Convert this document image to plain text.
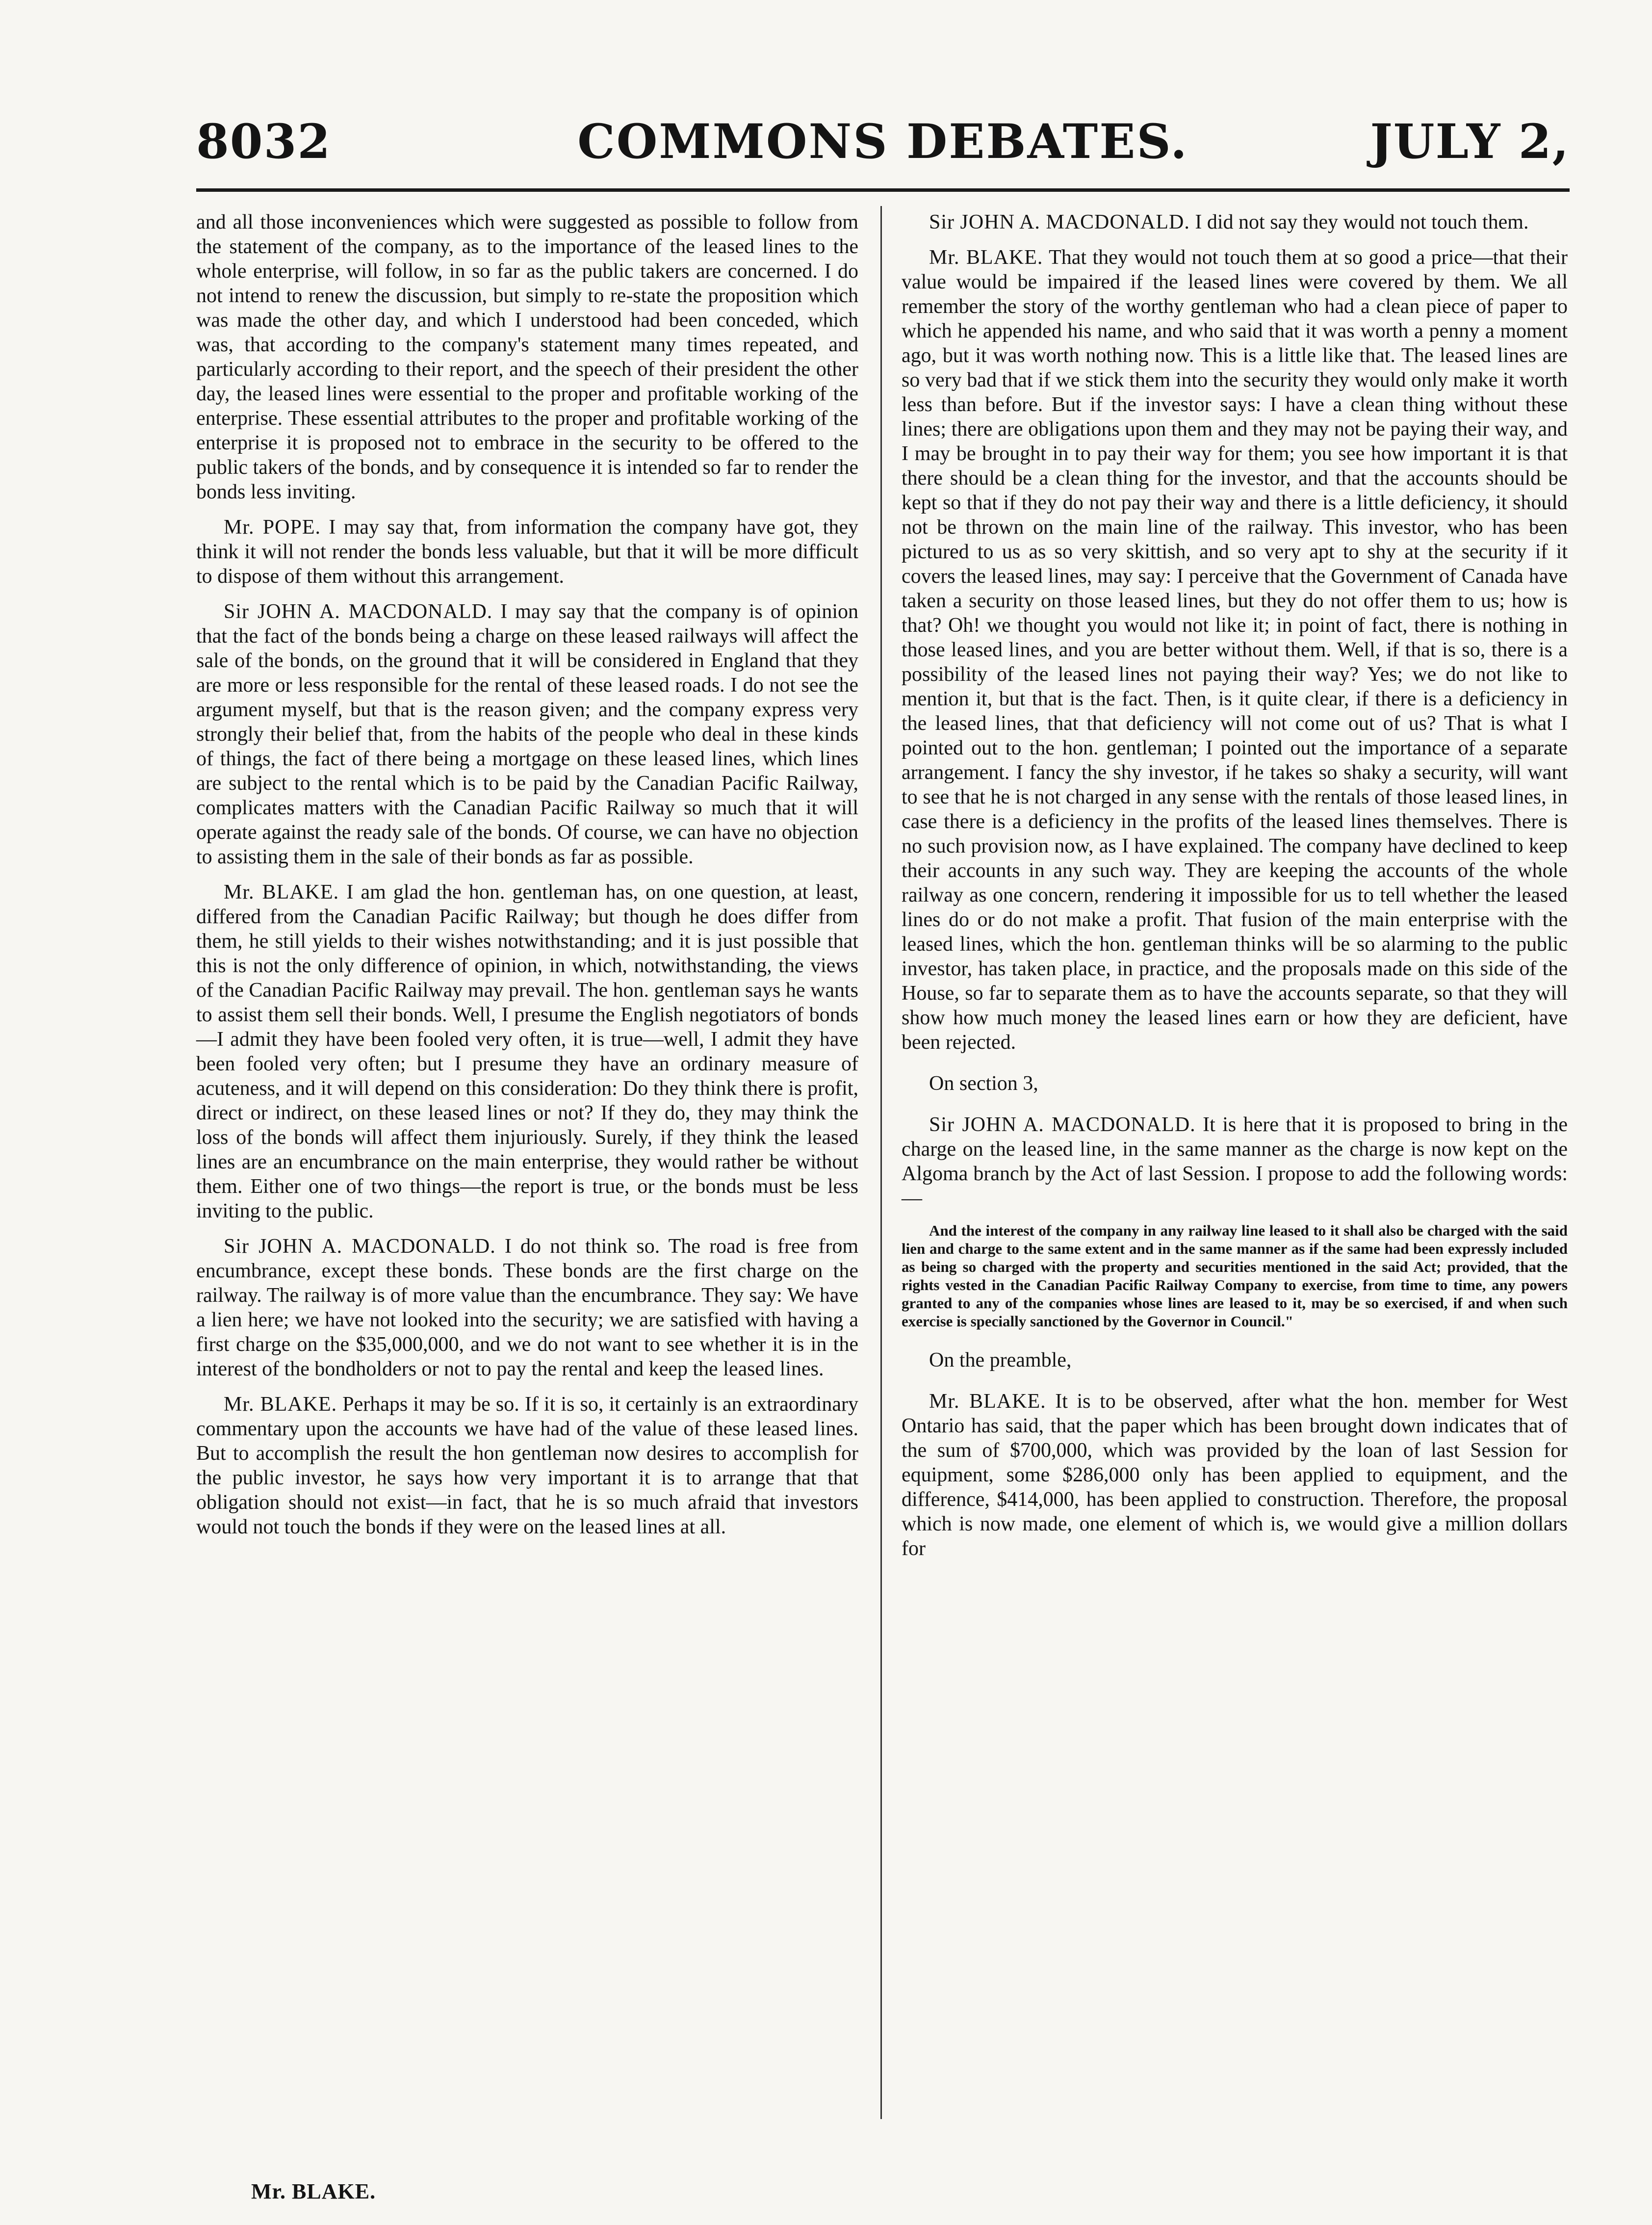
8032	COMMONS DEBATES.	JULY 2,

and all those inconveniences which were suggested as possible to follow from the statement of the company, as to the importance of the leased lines to the whole enterprise, will follow, in so far as the public takers are concerned. I do not intend to renew the discussion, but simply to re-state the proposition which was made the other day, and which I understood had been conceded, which was, that according to the company's statement many times repeated, and particularly according to their report, and the speech of their president the other day, the leased lines were essential to the proper and profitable working of the enterprise. These essential attributes to the proper and profitable working of the enterprise it is proposed not to embrace in the security to be offered to the public takers of the bonds, and by consequence it is intended so far to render the bonds less inviting.

Mr. POPE. I may say that, from information the company have got, they think it will not render the bonds less valuable, but that it will be more difficult to dispose of them without this arrangement.

Sir JOHN A. MACDONALD. I may say that the company is of opinion that the fact of the bonds being a charge on these leased railways will affect the sale of the bonds, on the ground that it will be considered in England that they are more or less responsible for the rental of these leased roads. I do not see the argument myself, but that is the reason given; and the company express very strongly their belief that, from the habits of the people who deal in these kinds of things, the fact of there being a mortgage on these leased lines, which lines are subject to the rental which is to be paid by the Canadian Pacific Railway, complicates matters with the Canadian Pacific Railway so much that it will operate against the ready sale of the bonds. Of course, we can have no objection to assisting them in the sale of their bonds as far as possible.

Mr. BLAKE. I am glad the hon. gentleman has, on one question, at least, differed from the Canadian Pacific Railway; but though he does differ from them, he still yields to their wishes notwithstanding; and it is just possible that this is not the only difference of opinion, in which, notwithstanding, the views of the Canadian Pacific Railway may prevail. The hon. gentleman says he wants to assist them sell their bonds. Well, I presume the English negotiators of bonds—I admit they have been fooled very often, it is true—well, I admit they have been fooled very often; but I presume they have an ordinary measure of acuteness, and it will depend on this consideration: Do they think there is profit, direct or indirect, on these leased lines or not? If they do, they may think the loss of the bonds will affect them injuriously. Surely, if they think the leased lines are an encumbrance on the main enterprise, they would rather be without them. Either one of two things—the report is true, or the bonds must be less inviting to the public.

Sir JOHN A. MACDONALD. I do not think so. The road is free from encumbrance, except these bonds. These bonds are the first charge on the railway. The railway is of more value than the encumbrance. They say: We have a lien here; we have not looked into the security; we are satisfied with having a first charge on the $35,000,000, and we do not want to see whether it is in the interest of the bondholders or not to pay the rental and keep the leased lines.

Mr. BLAKE. Perhaps it may be so. If it is so, it certainly is an extraordinary commentary upon the accounts we have had of the value of these leased lines. But to accomplish the result the hon gentleman now desires to accomplish for the public investor, he says how very important it is to arrange that that obligation should not exist—in fact, that he is so much afraid that investors would not touch the bonds if they were on the leased lines at all.

Mr. BLAKE.

Sir JOHN A. MACDONALD. I did not say they would not touch them.

Mr. BLAKE. That they would not touch them at so good a price—that their value would be impaired if the leased lines were covered by them. We all remember the story of the worthy gentleman who had a clean piece of paper to which he appended his name, and who said that it was worth a penny a moment ago, but it was worth nothing now. This is a little like that. The leased lines are so very bad that if we stick them into the security they would only make it worth less than before. But if the investor says: I have a clean thing without these lines; there are obligations upon them and they may not be paying their way, and I may be brought in to pay their way for them; you see how important it is that there should be a clean thing for the investor, and that the accounts should be kept so that if they do not pay their way and there is a little deficiency, it should not be thrown on the main line of the railway. This investor, who has been pictured to us as so very skittish, and so very apt to shy at the security if it covers the leased lines, may say: I perceive that the Government of Canada have taken a security on those leased lines, but they do not offer them to us; how is that? Oh! we thought you would not like it; in point of fact, there is nothing in those leased lines, and you are better without them. Well, if that is so, there is a possibility of the leased lines not paying their way? Yes; we do not like to mention it, but that is the fact. Then, is it quite clear, if there is a deficiency in the leased lines, that that deficiency will not come out of us? That is what I pointed out to the hon. gentleman; I pointed out the importance of a separate arrangement. I fancy the shy investor, if he takes so shaky a security, will want to see that he is not charged in any sense with the rentals of those leased lines, in case there is a deficiency in the profits of the leased lines themselves. There is no such provision now, as I have explained. The company have declined to keep their accounts in any such way. They are keeping the accounts of the whole railway as one concern, rendering it impossible for us to tell whether the leased lines do or do not make a profit. That fusion of the main enterprise with the leased lines, which the hon. gentleman thinks will be so alarming to the public investor, has taken place, in practice, and the proposals made on this side of the House, so far to separate them as to have the accounts separate, so that they will show how much money the leased lines earn or how they are deficient, have been rejected.

On section 3,

Sir JOHN A. MACDONALD. It is here that it is proposed to bring in the charge on the leased line, in the same manner as the charge is now kept on the Algoma branch by the Act of last Session. I propose to add the following words:—

And the interest of the company in any railway line leased to it shall also be charged with the said lien and charge to the same extent and in the same manner as if the same had been expressly included as being so charged with the property and securities mentioned in the said Act; provided, that the rights vested in the Canadian Pacific Railway Company to exercise, from time to time, any powers granted to any of the companies whose lines are leased to it, may be so exercised, if and when such exercise is specially sanctioned by the Governor in Council."

On the preamble,

Mr. BLAKE. It is to be observed, after what the hon. member for West Ontario has said, that the paper which has been brought down indicates that of the sum of $700,000, which was provided by the loan of last Session for equipment, some $286,000 only has been applied to equipment, and the difference, $414,000, has been applied to construction. Therefore, the proposal which is now made, one element of which is, we would give a million dollars for
